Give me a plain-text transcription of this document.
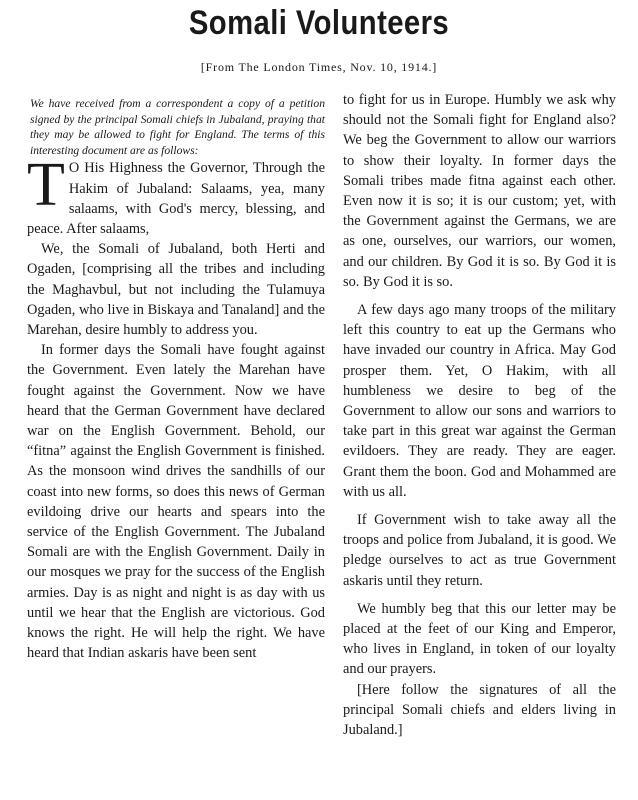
Somali Volunteers
[From The London Times, Nov. 10, 1914.]

We have received from a correspondent a copy of a petition signed by the principal Somali chiefs in Jubaland, praying that they may be allowed to fight for England. The terms of this interesting document are as follows:

T O His Highness the Governor, Through the Hakim of Jubaland: Salaams, yea, many salaams, with God's mercy, blessing, and peace. After salaams,

We, the Somali of Jubaland, both Herti and Ogaden, [comprising all the tribes and including the Maghavbul, but not including the Tulamuya Ogaden, who live in Biskaya and Tanaland] and the Marehan, desire humbly to address you.

In former days the Somali have fought against the Government. Even lately the Marehan have fought against the Government. Now we have heard that the German Government have declared war on the English Government. Behold, our “fitna” against the English Government is finished. As the monsoon wind drives the sandhills of our coast into new forms, so does this news of German evildoing drive our hearts and spears into the service of the English Government. The Jubaland Somali are with the English Government. Daily in our mosques we pray for the success of the English armies. Day is as night and night is as day with us until we hear that the English are victorious. God knows the right. He will help the right. We have heard that Indian askaris have been sent

to fight for us in Europe. Humbly we ask why should not the Somali fight for England also? We beg the Government to allow our warriors to show their loyalty. In former days the Somali tribes made fitna against each other. Even now it is so; it is our custom; yet, with the Government against the Germans, we are as one, ourselves, our warriors, our women, and our children. By God it is so. By God it is so. By God it is so.

A few days ago many troops of the military left this country to eat up the Germans who have invaded our country in Africa. May God prosper them. Yet, O Hakim, with all humbleness we desire to beg of the Government to allow our sons and warriors to take part in this great war against the German evildoers. They are ready. They are eager. Grant them the boon. God and Mohammed are with us all.

If Government wish to take away all the troops and police from Jubaland, it is good. We pledge ourselves to act as true Government askaris until they return.

We humbly beg that this our letter may be placed at the feet of our King and Emperor, who lives in England, in token of our loyalty and our prayers.

[Here follow the signatures of all the principal Somali chiefs and elders living in Jubaland.]
